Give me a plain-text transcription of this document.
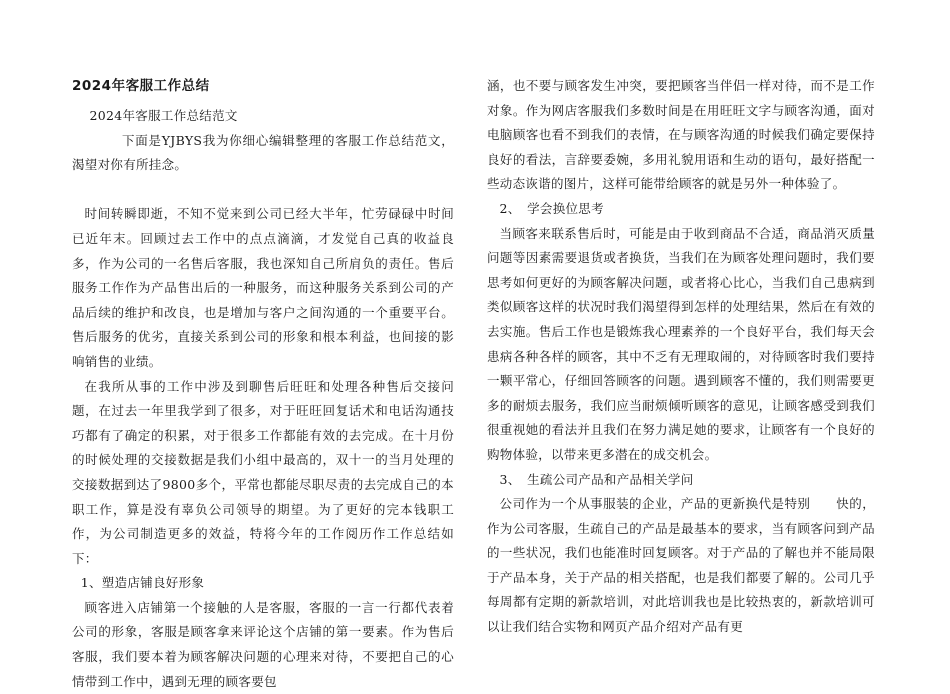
2024年客服工作总结

2024年客服工作总结范文

下面是YJBYS我为你细心编辑整理的客服工作总结范文，渴望对你有所挂念。

时间转瞬即逝，不知不觉来到公司已经大半年，忙劳碌碌中时间已近年末。回顾过去工作中的点点滴滴，才发觉自己真的收益良多，作为公司的一名售后客服，我也深知自己所肩负的责任。售后服务工作作为产品售出后的一种服务，而这种服务关系到公司的产品后续的维护和改良，也是增加与客户之间沟通的一个重要平台。售后服务的优劣，直接关系到公司的形象和根本利益，也间接的影响销售的业绩。

在我所从事的工作中涉及到聊售后旺旺和处理各种售后交接问题，在过去一年里我学到了很多，对于旺旺回复话术和电话沟通技巧都有了确定的积累，对于很多工作都能有效的去完成。在十月份的时候处理的交接数据是我们小组中最高的，双十一的当月处理的交接数据到达了9800多个，平常也都能尽职尽责的去完成自己的本职工作，算是没有辜负公司领导的期望。为了更好的完本钱职工作，为公司制造更多的效益，特将今年的工作阅历作工作总结如下：

1、塑造店铺良好形象

顾客进入店铺第一个接触的人是客服，客服的一言一行都代表着公司的形象，客服是顾客拿来评论这个店铺的第一要素。作为售后客服，我们要本着为顾客解决问题的心理来对待，不要把自己的心情带到工作中，遇到无理的顾客要包

涵，也不要与顾客发生冲突，要把顾客当伴侣一样对待，而不是工作对象。作为网店客服我们多数时间是在用旺旺文字与顾客沟通，面对电脑顾客也看不到我们的表情，在与顾客沟通的时候我们确定要保持良好的看法，言辞要委婉，多用礼貌用语和生动的语句，最好搭配一些动态诙谐的图片，这样可能带给顾客的就是另外一种体验了。

2、　学会换位思考

当顾客来联系售后时，可能是由于收到商品不合适，商品消灭质量问题等因素需要退货或者换货，当我们在为顾客处理问题时，我们要思考如何更好的为顾客解决问题，或者将心比心，当我们自己患病到类似顾客这样的状况时我们渴望得到怎样的处理结果，然后在有效的去实施。售后工作也是锻炼我心理素养的一个良好平台，我们每天会患病各种各样的顾客，其中不乏有无理取闹的，对待顾客时我们要持一颗平常心，仔细回答顾客的问题。遇到顾客不懂的，我们则需要更多的耐烦去服务，我们应当耐烦倾听顾客的意见，让顾客感受到我们很重视她的看法并且我们在努力满足她的要求，让顾客有一个良好的购物体验，以带来更多潜在的成交机会。

3、　生疏公司产品和产品相关学问

公司作为一个从事服装的企业，产品的更新换代是特别　　快的，作为公司客服，生疏自己的产品是最基本的要求，当有顾客问到产品的一些状况，我们也能准时回复顾客。对于产品的了解也并不能局限于产品本身，关于产品的相关搭配，也是我们都要了解的。公司几乎每周都有定期的新款培训，对此培训我也是比较热衷的，新款培训可以让我们结合实物和网页产品介绍对产品有更
